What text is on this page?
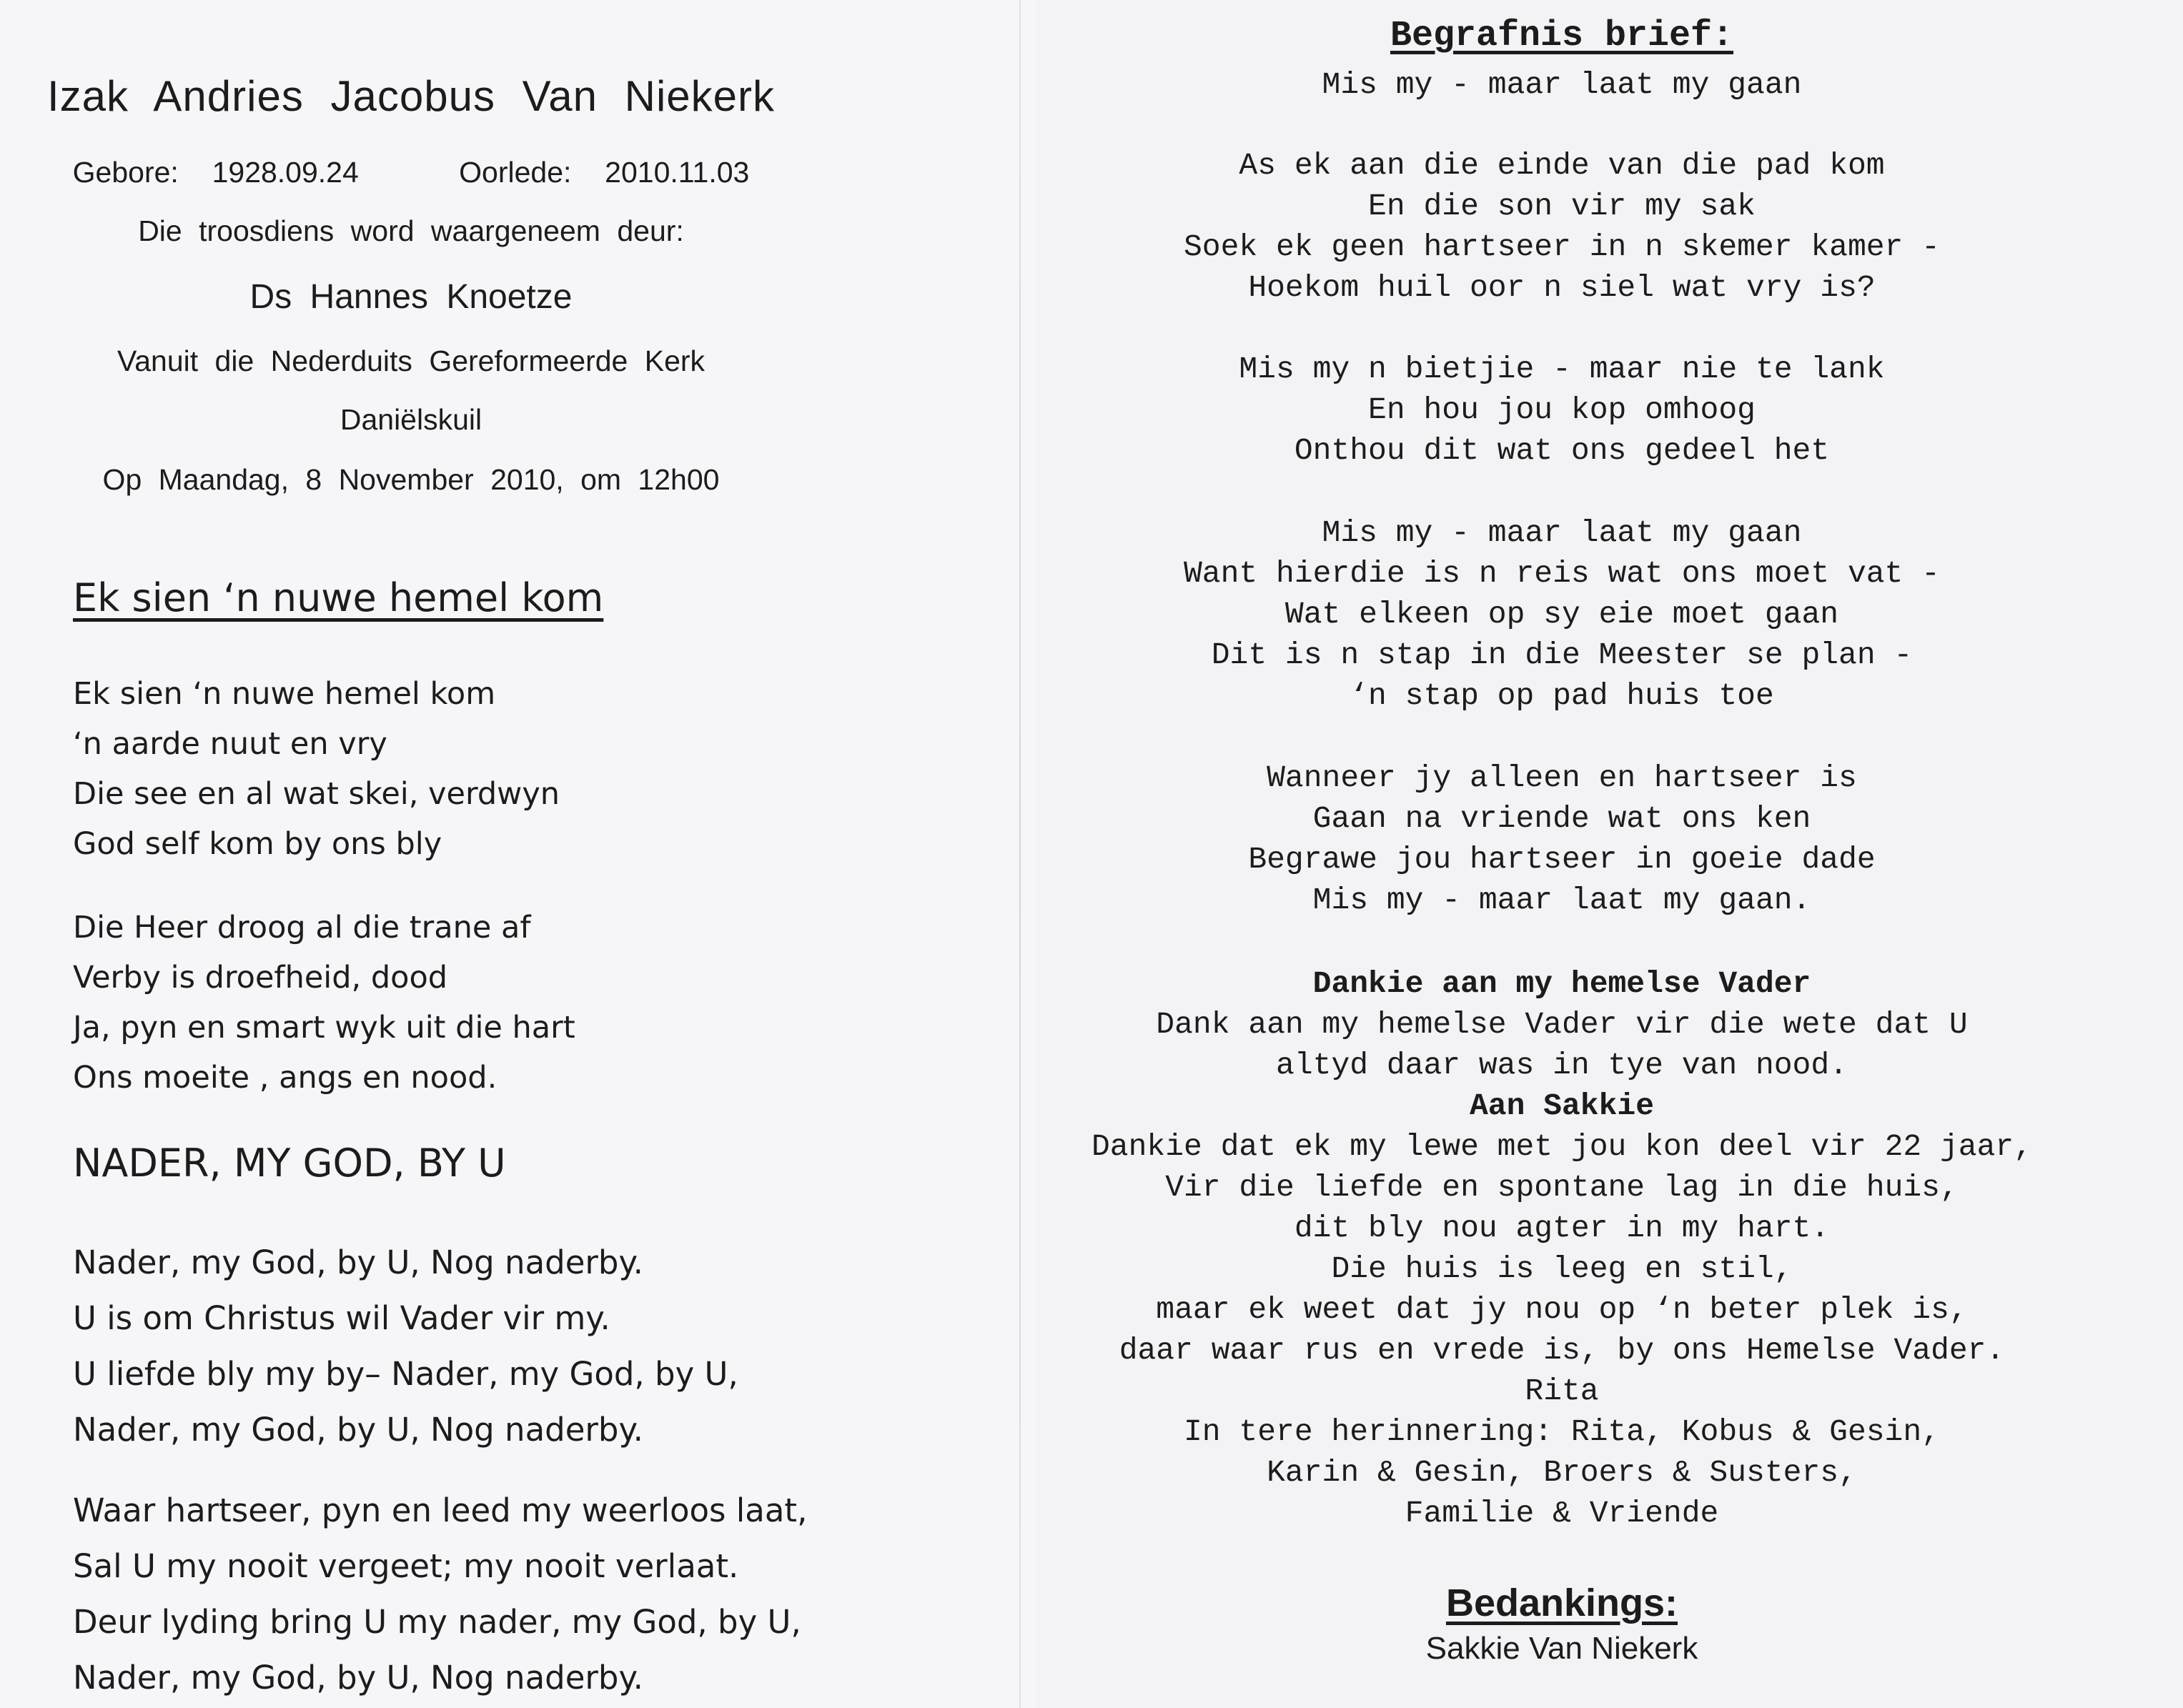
Izak Andries Jacobus Van Niekerk
Gebore:  1928.09.24      Oorlede:  2010.11.03
Die troosdiens word waargeneem deur:
Ds Hannes Knoetze
Vanuit die Nederduits Gereformeerde Kerk
Daniëlskuil
Op Maandag, 8 November 2010, om 12h00
Ek sien ‘n nuwe hemel kom
Ek sien ‘n nuwe hemel kom
‘n aarde nuut en vry
Die see en al wat skei, verdwyn
God self kom by ons bly
Die Heer droog al die trane af
Verby is droefheid, dood
Ja, pyn en smart wyk uit die hart
Ons moeite , angs en nood.
NADER, MY GOD, BY U
Nader, my God, by U, Nog naderby.
U is om Christus wil Vader vir my.
U liefde bly my by– Nader, my God, by U,
Nader, my God, by U, Nog naderby.
Waar hartseer, pyn en leed my weerloos laat,
Sal U my nooit vergeet; my nooit verlaat.
Deur lyding bring U my nader, my God, by U,
Nader, my God, by U, Nog naderby.
Begrafnis brief:
Mis my - maar laat my gaan
As ek aan die einde van die pad kom
En die son vir my sak
Soek ek geen hartseer in n skemer kamer -
Hoekom huil oor n siel wat vry is?
Mis my n bietjie - maar nie te lank
En hou jou kop omhoog
Onthou dit wat ons gedeel het
Mis my - maar laat my gaan
Want hierdie is n reis wat ons moet vat -
Wat elkeen op sy eie moet gaan
Dit is n stap in die Meester se plan -
‘n stap op pad huis toe
Wanneer jy alleen en hartseer is
Gaan na vriende wat ons ken
Begrawe jou hartseer in goeie dade
Mis my - maar laat my gaan.
Dankie aan my hemelse Vader
Dank aan my hemelse Vader vir die wete dat U
altyd daar was in tye van nood.
Aan Sakkie
Dankie dat ek my lewe met jou kon deel vir 22 jaar,
Vir die liefde en spontane lag in die huis,
dit bly nou agter in my hart.
Die huis is leeg en stil,
maar ek weet dat jy nou op ‘n beter plek is,
daar waar rus en vrede is, by ons Hemelse Vader.
Rita
In tere herinnering: Rita, Kobus & Gesin,
Karin & Gesin, Broers & Susters,
Familie & Vriende
Bedankings:
Sakkie Van Niekerk
